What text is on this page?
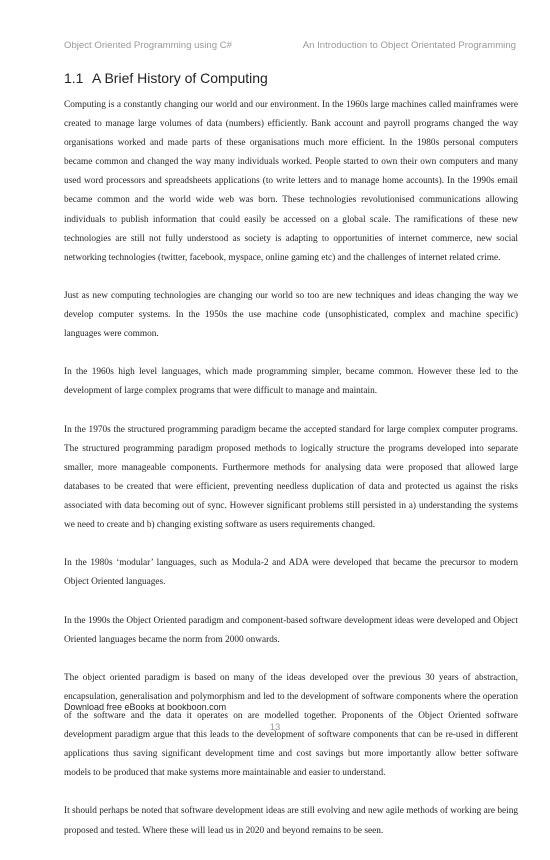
Object Oriented Programming using C#	An Introduction to Object Orientated Programming
1.1 A Brief History of Computing

Computing is a constantly changing our world and our environment. In the 1960s large machines called mainframes were created to manage large volumes of data (numbers) efficiently. Bank account and payroll programs changed the way organisations worked and made parts of these organisations much more efficient. In the 1980s personal computers became common and changed the way many individuals worked. People started to own their own computers and many used word processors and spreadsheets applications (to write letters and to manage home accounts). In the 1990s email became common and the world wide web was born. These technologies revolutionised communications allowing individuals to publish information that could easily be accessed on a global scale. The ramifications of these new technologies are still not fully understood as society is adapting to opportunities of internet commerce, new social networking technologies (twitter, facebook, myspace, online gaming etc) and the challenges of internet related crime.

Just as new computing technologies are changing our world so too are new techniques and ideas changing the way we develop computer systems. In the 1950s the use machine code (unsophisticated, complex and machine specific) languages were common.

In the 1960s high level languages, which made programming simpler, became common. However these led to the development of large complex programs that were difficult to manage and maintain.

In the 1970s the structured programming paradigm became the accepted standard for large complex computer programs. The structured programming paradigm proposed methods to logically structure the programs developed into separate smaller, more manageable components. Furthermore methods for analysing data were proposed that allowed large databases to be created that were efficient, preventing needless duplication of data and protected us against the risks associated with data becoming out of sync. However significant problems still persisted in a) understanding the systems we need to create and b) changing existing software as users requirements changed.

In the 1980s ‘modular’ languages, such as Modula-2 and ADA were developed that became the precursor to modern Object Oriented languages.

In the 1990s the Object Oriented paradigm and component-based software development ideas were developed and Object Oriented languages became the norm from 2000 onwards.

The object oriented paradigm is based on many of the ideas developed over the previous 30 years of abstraction, encapsulation, generalisation and polymorphism and led to the development of software components where the operation of the software and the data it operates on are modelled together. Proponents of the Object Oriented software development paradigm argue that this leads to the development of software components that can be re-used in different applications thus saving significant development time and cost savings but more importantly allow better software models to be produced that make systems more maintainable and easier to understand.

It should perhaps be noted that software development ideas are still evolving and new agile methods of working are being proposed and tested. Where these will lead us in 2020 and beyond remains to be seen.

Download free eBooks at bookboon.com
13
